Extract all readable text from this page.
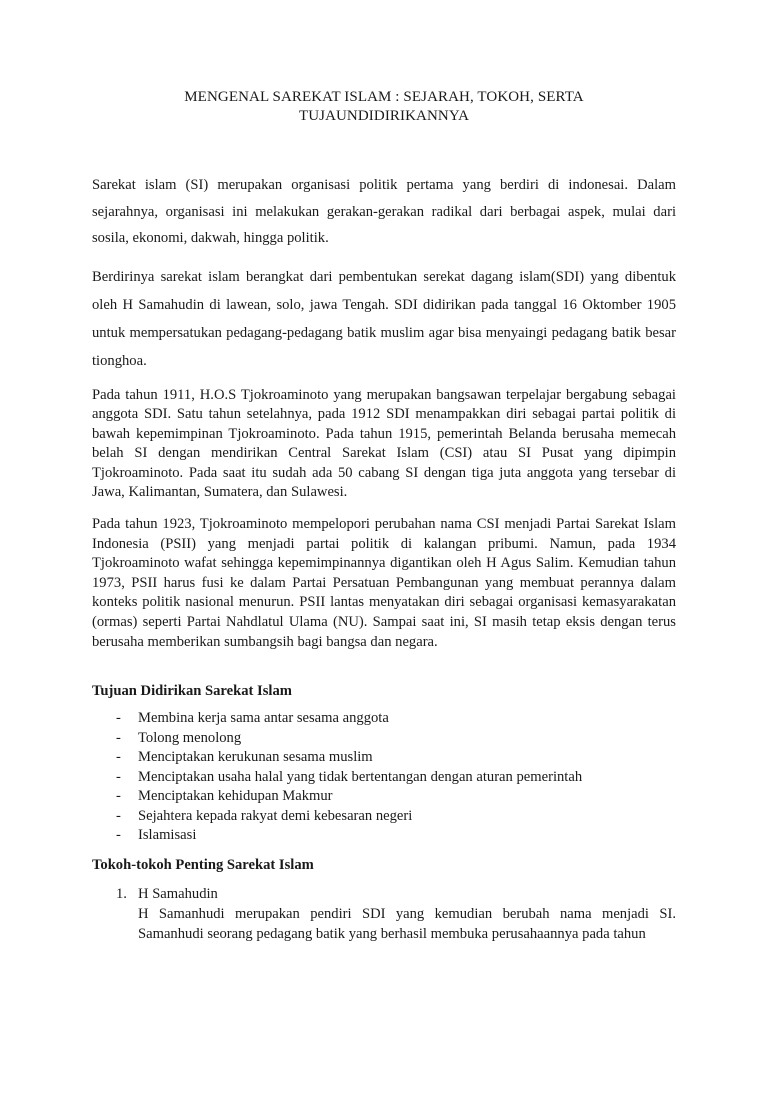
MENGENAL SAREKAT ISLAM : SEJARAH, TOKOH, SERTA
TUJAUNDIDIRIKANNYA

Sarekat islam (SI) merupakan organisasi politik pertama yang berdiri di indonesai. Dalam sejarahnya, organisasi ini melakukan gerakan-gerakan radikal dari berbagai aspek, mulai dari sosila, ekonomi, dakwah, hingga politik.

Berdirinya sarekat islam berangkat dari pembentukan serekat dagang islam(SDI) yang dibentuk oleh H Samahudin di lawean, solo, jawa Tengah. SDI didirikan pada tanggal 16 Oktomber 1905 untuk mempersatukan pedagang-pedagang batik muslim agar bisa menyaingi pedagang batik besar tionghoa.

Pada tahun 1911, H.O.S Tjokroaminoto yang merupakan bangsawan terpelajar bergabung sebagai anggota SDI. Satu tahun setelahnya, pada 1912 SDI menampakkan diri sebagai partai politik di bawah kepemimpinan Tjokroaminoto. Pada tahun 1915, pemerintah Belanda berusaha memecah belah SI dengan mendirikan Central Sarekat Islam (CSI) atau SI Pusat yang dipimpin Tjokroaminoto. Pada saat itu sudah ada 50 cabang SI dengan tiga juta anggota yang tersebar di Jawa, Kalimantan, Sumatera, dan Sulawesi.

Pada tahun 1923, Tjokroaminoto mempelopori perubahan nama CSI menjadi Partai Sarekat Islam Indonesia (PSII) yang menjadi partai politik di kalangan pribumi. Namun, pada 1934 Tjokroaminoto wafat sehingga kepemimpinannya digantikan oleh H Agus Salim. Kemudian tahun 1973, PSII harus fusi ke dalam Partai Persatuan Pembangunan yang membuat perannya dalam konteks politik nasional menurun. PSII lantas menyatakan diri sebagai organisasi kemasyarakatan (ormas) seperti Partai Nahdlatul Ulama (NU). Sampai saat ini, SI masih tetap eksis dengan terus berusaha memberikan sumbangsih bagi bangsa dan negara.

Tujuan Didirikan Sarekat Islam
- Membina kerja sama antar sesama anggota
- Tolong menolong
- Menciptakan kerukunan sesama muslim
- Menciptakan usaha halal yang tidak bertentangan dengan aturan pemerintah
- Menciptakan kehidupan Makmur
- Sejahtera kepada rakyat demi kebesaran negeri
- Islamisasi
Tokoh-tokoh Penting Sarekat Islam
1. H Samahudin
H Samanhudi merupakan pendiri SDI yang kemudian berubah nama menjadi SI. Samanhudi seorang pedagang batik yang berhasil membuka perusahaannya pada tahun
